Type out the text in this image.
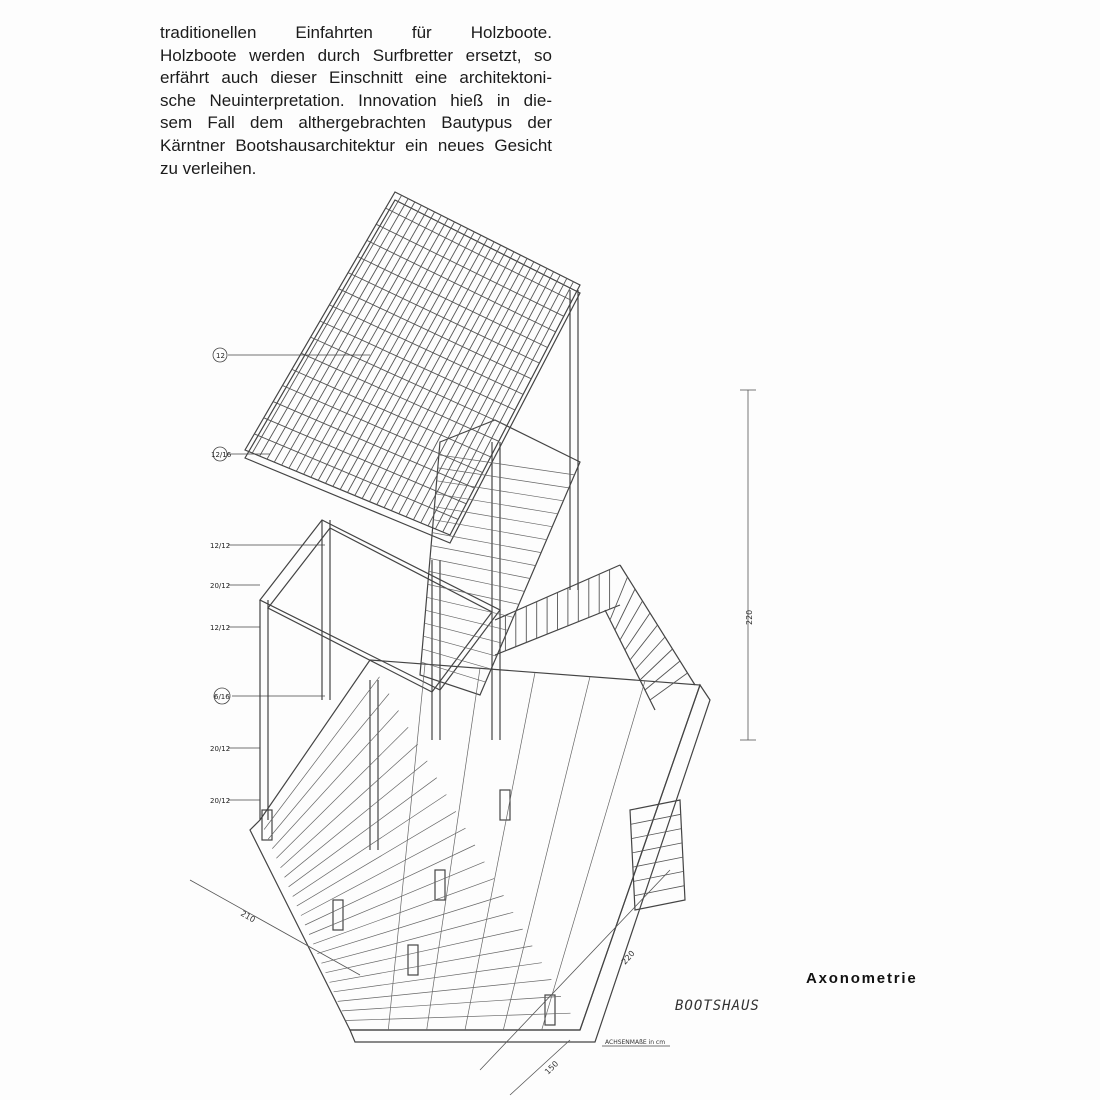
traditionellen Einfahrten für Holzboote.
Holzboote werden durch Surfbretter ersetzt, so
erfährt auch dieser Einschnitt eine architektoni-
sche Neuinterpretation. Innovation hieß in die-
sem Fall dem althergebrachten Bautypus der
Kärntner Bootshausarchitektur ein neues Gesicht
zu verleihen.

12
12/16
12/12
20/12
12/12
6/16
20/12
20/12
220
210
220
150
BOOTSHAUS
ACHSENMAßE in cm

Axonometrie
